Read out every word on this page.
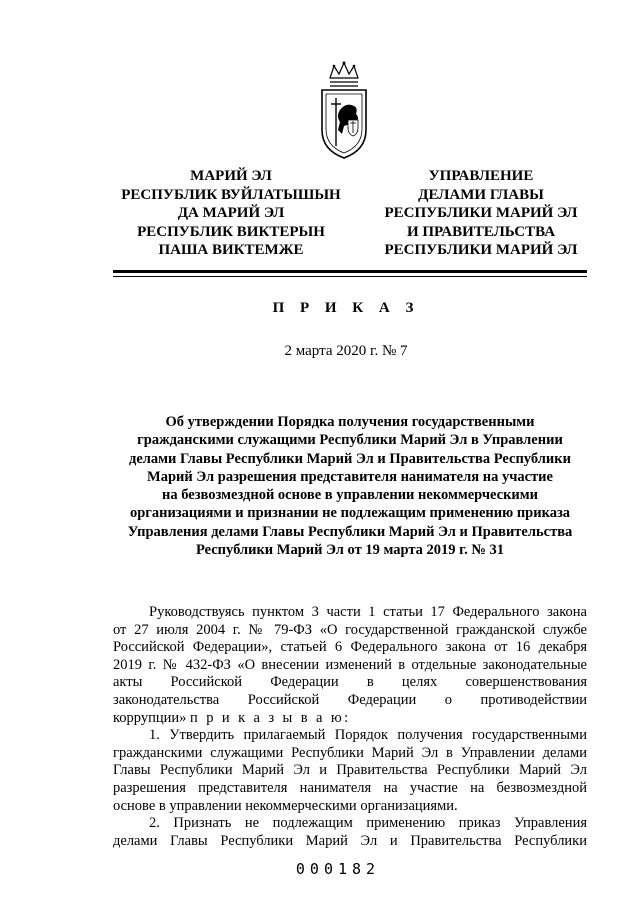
МАРИЙ ЭЛ
РЕСПУБЛИК ВУЙЛАТЫШЫН
ДА МАРИЙ ЭЛ
РЕСПУБЛИК ВИКТЕРЫН
ПАША ВИКТЕМЖЕ
УПРАВЛЕНИЕ
ДЕЛАМИ ГЛАВЫ
РЕСПУБЛИКИ МАРИЙ ЭЛ
И ПРАВИТЕЛЬСТВА
РЕСПУБЛИКИ МАРИЙ ЭЛ
П Р И К А З
2 марта 2020 г. № 7
Об утверждении Порядка получения государственными
гражданскими служащими Республики Марий Эл в Управлении
делами Главы Республики Марий Эл и Правительства Республики
Марий Эл разрешения представителя нанимателя на участие
на безвозмездной основе в управлении некоммерческими
организациями и признании не подлежащим применению приказа
Управления делами Главы Республики Марий Эл и Правительства
Республики Марий Эл от 19 марта 2019 г. № 31
Руководствуясь пунктом 3 части 1 статьи 17 Федерального закона
от 27 июля 2004 г. № 79-ФЗ «О государственной гражданской службе
Российской Федерации», статьей 6 Федерального закона от 16 декабря
2019 г. № 432-ФЗ «О внесении изменений в отдельные законодательные
акты Российской Федерации в целях совершенствования
законодательства Российской Федерации о противодействии
коррупции» п р и к а з ы в а ю:
1. Утвердить прилагаемый Порядок получения государственными
гражданскими служащими Республики Марий Эл в Управлении делами
Главы Республики Марий Эл и Правительства Республики Марий Эл
разрешения представителя нанимателя на участие на безвозмездной
основе в управлении некоммерческими организациями.
2. Признать не подлежащим применению приказ Управления
делами Главы Республики Марий Эл и Правительства Республики
000182
